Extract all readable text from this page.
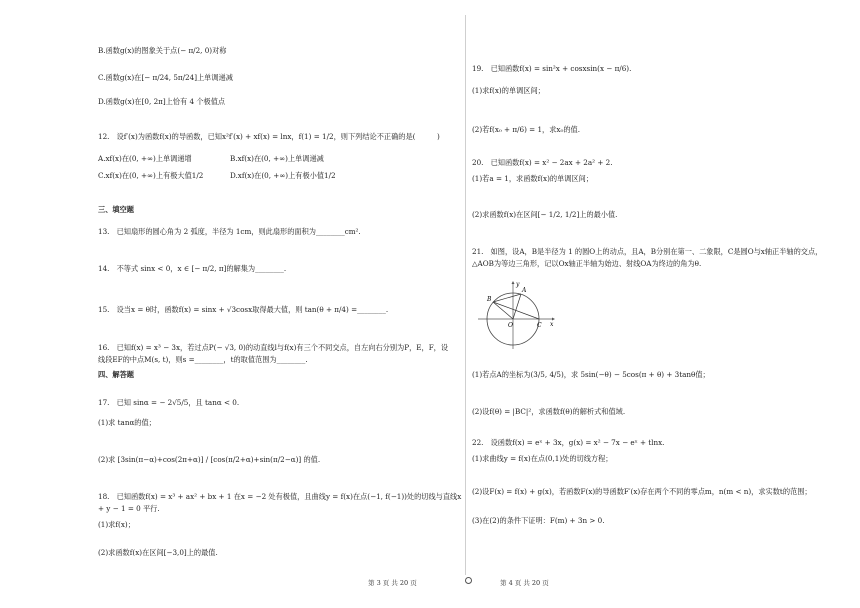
B.函数g(x)的图象关于点(− π/2, 0)对称
C.函数g(x)在[− π/24, 5π/24]上单调递减
D.函数g(x)在[0, 2π]上恰有 4 个极值点
12.　设f′(x)为函数f(x)的导函数，已知x²f′(x) + xf(x) = lnx，f(1) = 1/2，则下列结论不正确的是(　　　)
A.xf(x)在(0, +∞)上单调递增	B.xf(x)在(0, +∞)上单调递减
C.xf(x)在(0, +∞)上有极大值1/2	D.xf(x)在(0, +∞)上有极小值1/2
三、填空题
13.　已知扇形的圆心角为 2 弧度，半径为 1cm，则此扇形的面积为________cm².
14.　不等式 sinx < 0，x ∈ [− π/2, π]的解集为________.
15.　设当x = θ时，函数f(x) = sinx + √3cosx取得最大值，则 tan(θ + π/4) =________.
16.　已知f(x) = x³ − 3x，若过点P(− √3, 0)的动直线l与f(x)有三个不同交点，自左向右分别为P，E，F，设
线段EF的中点M(s, t)，则s =________，t的取值范围为________.
四、解答题
17.　已知 sinα = − 2√5/5，且 tanα < 0.
(1)求 tanα的值；
(2)求 [3sin(π−α)+cos(2π+α)] / [cos(π/2+α)+sin(π/2−α)] 的值.
18.　已知函数f(x) = x³ + ax² + bx + 1 在x = −2 处有极值，且曲线y = f(x)在点(−1, f(−1))处的切线与直线x
+ y − 1 = 0 平行.
(1)求f(x)；
(2)求函数f(x)在区间[−3,0]上的最值.
19.　已知函数f(x) = sin²x + cosxsin(x − π/6).
(1)求f(x)的单调区间；
(2)若f(x₀ + π/6) = 1，求x₀的值.
20.　已知函数f(x) = x² − 2ax + 2a² + 2.
(1)若a = 1，求函数f(x)的单调区间；
(2)求函数f(x)在区间[− 1/2, 1/2]上的最小值.
21.　如图，设A，B是半径为 1 的圆O上的动点，且A，B分别在第一、二象限，C是圆O与x轴正半轴的交点，
△AOB为等边三角形，记以Ox轴正半轴为始边、射线OA为终边的角为θ.
(1)若点A的坐标为(3/5, 4/5)，求 5sin(−θ) − 5cos(π + θ) + 3tanθ值；
(2)设f(θ) = |BC|²，求函数f(θ)的解析式和值域.
22.　设函数f(x) = eˣ + 3x，g(x) = x² − 7x − eˣ + tlnx.
(1)求曲线y = f(x)在点(0,1)处的切线方程；
(2)设F(x) = f(x) + g(x)，若函数F(x)的导函数F′(x)存在两个不同的零点m，n(m < n)，求实数t的范围；
(3)在(2)的条件下证明：F(m) + 3n > 0.
A
B
C
O	x
y
第 3 页 共 20 页	第 4 页 共 20 页
